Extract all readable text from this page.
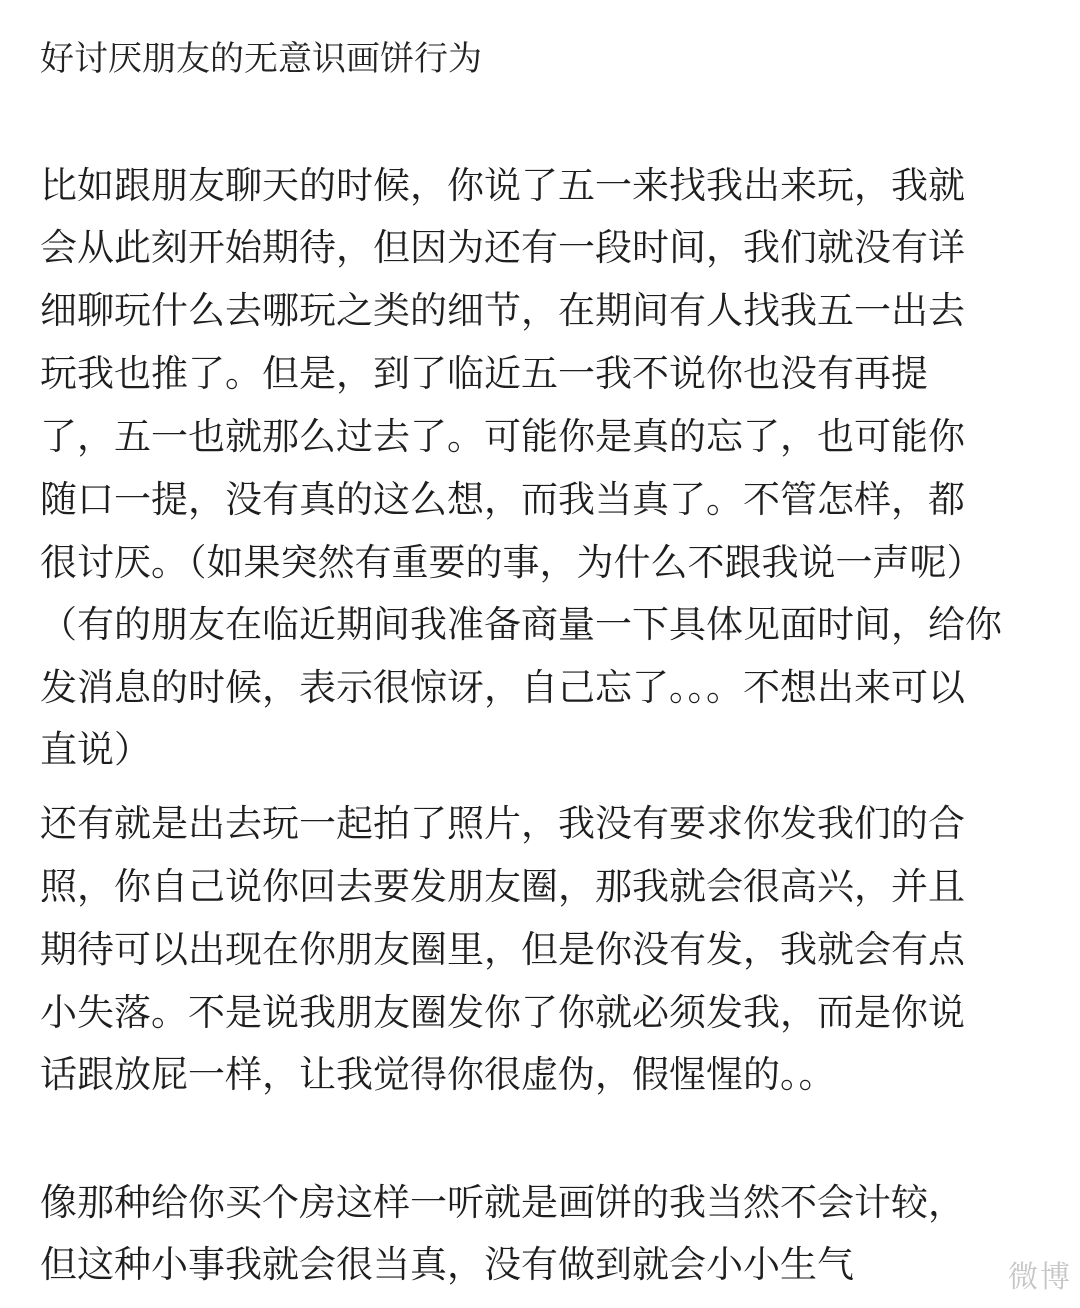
好讨厌朋友的无意识画饼行为
比如跟朋友聊天的时候，你说了五一来找我出来玩，我就
会从此刻开始期待，但因为还有一段时间，我们就没有详
细聊玩什么去哪玩之类的细节，在期间有人找我五一出去
玩我也推了。但是，到了临近五一我不说你也没有再提
了，五一也就那么过去了。可能你是真的忘了，也可能你
随口一提，没有真的这么想，而我当真了。不管怎样，都
很讨厌。（如果突然有重要的事，为什么不跟我说一声呢）
（有的朋友在临近期间我准备商量一下具体见面时间，给你
发消息的时候，表示很惊讶，自己忘了。。。不想出来可以
直说）
还有就是出去玩一起拍了照片，我没有要求你发我们的合
照，你自己说你回去要发朋友圈，那我就会很高兴，并且
期待可以出现在你朋友圈里，但是你没有发，我就会有点
小失落。不是说我朋友圈发你了你就必须发我，而是你说
话跟放屁一样，让我觉得你很虚伪，假惺惺的。。
像那种给你买个房这样一听就是画饼的我当然不会计较，
但这种小事我就会很当真，没有做到就会小小生气	微博
